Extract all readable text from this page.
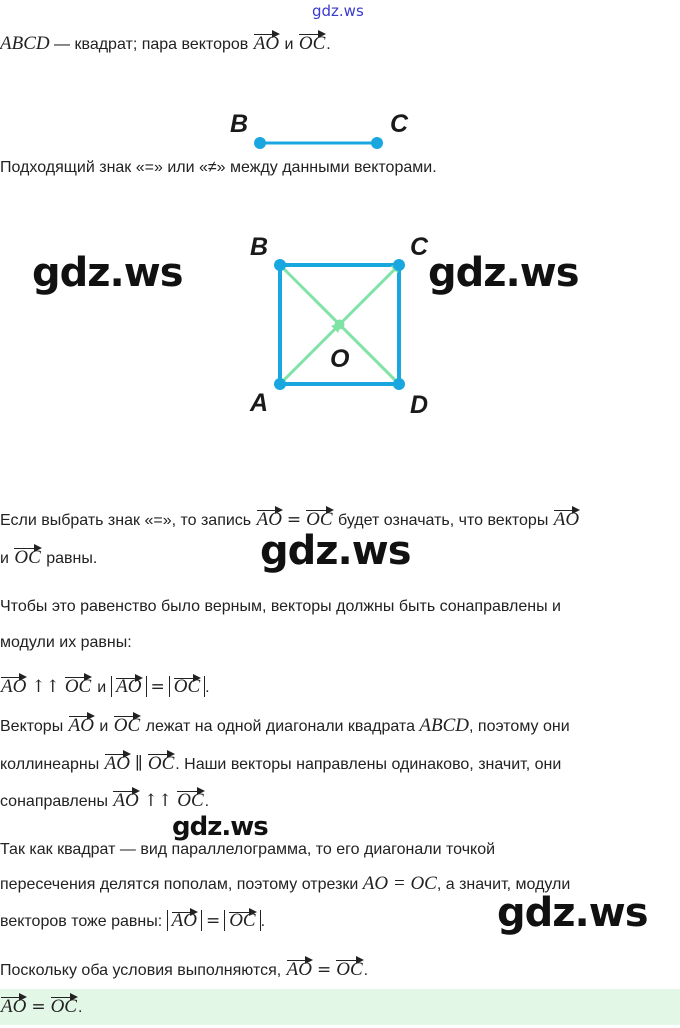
gdz.ws
ABCD — квадрат; пара векторов AO и OC.
B	C
Подходящий знак «=» или «≠» между данными векторами.
B	C
A	D
O
gdz.ws	gdz.ws
gdz.ws
gdz.ws
gdz.ws
Если выбрать знак «=», то запись AO = OC будет означать, что векторы AO
и OC равны.
Чтобы это равенство было верным, векторы должны быть сонаправлены и
модули их равны:
AO ↑↑ OC и AO = OC .
Векторы AO и OC лежат на одной диагонали квадрата ABCD, поэтому они
коллинеарны AO ∥ OC. Наши векторы направлены одинаково, значит, они
сонаправлены AO ↑↑ OC.
Так как квадрат — вид параллелограмма, то его диагонали точкой
пересечения делятся пополам, поэтому отрезки AO = OC, а значит, модули
векторов тоже равны: AO = OC .
Поскольку оба условия выполняются, AO = OC.
AO = OC.
